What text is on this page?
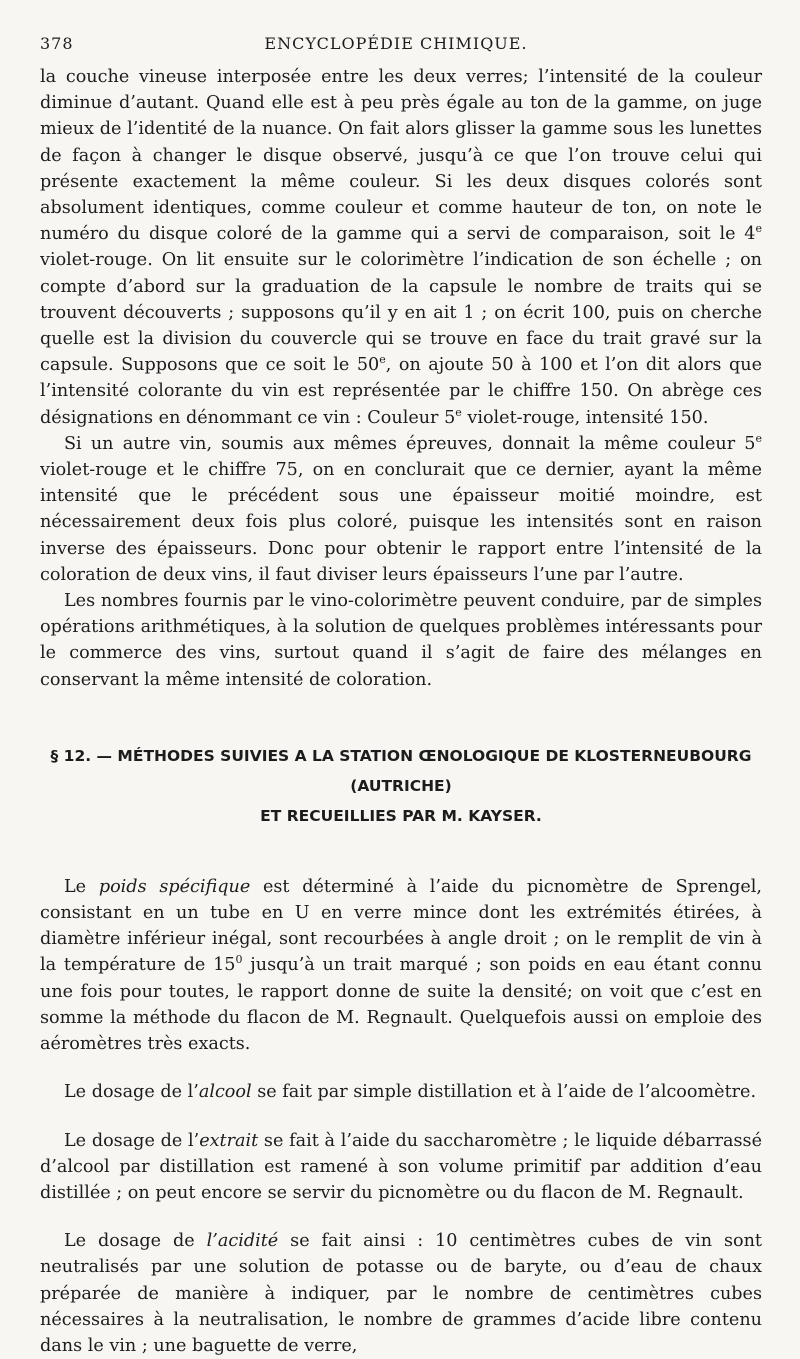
378	ENCYCLOPÉDIE CHIMIQUE.

la couche vineuse interposée entre les deux verres; l’intensité de la couleur diminue d’autant. Quand elle est à peu près égale au ton de la gamme, on juge mieux de l’identité de la nuance. On fait alors glisser la gamme sous les lunettes de façon à changer le disque observé, jusqu’à ce que l’on trouve celui qui présente exactement la même couleur. Si les deux disques colorés sont absolument identiques, comme couleur et comme hauteur de ton, on note le numéro du disque coloré de la gamme qui a servi de comparaison, soit le 4e violet-rouge. On lit ensuite sur le colorimètre l’indication de son échelle ; on compte d’abord sur la graduation de la capsule le nombre de traits qui se trouvent découverts ; supposons qu’il y en ait 1 ; on écrit 100, puis on cherche quelle est la division du couvercle qui se trouve en face du trait gravé sur la capsule. Supposons que ce soit le 50e, on ajoute 50 à 100 et l’on dit alors que l’intensité colorante du vin est représentée par le chiffre 150. On abrège ces désignations en dénommant ce vin : Couleur 5e violet-rouge, intensité 150.

Si un autre vin, soumis aux mêmes épreuves, donnait la même couleur 5e violet-rouge et le chiffre 75, on en conclurait que ce dernier, ayant la même intensité que le précédent sous une épaisseur moitié moindre, est nécessairement deux fois plus coloré, puisque les intensités sont en raison inverse des épaisseurs. Donc pour obtenir le rapport entre l’intensité de la coloration de deux vins, il faut diviser leurs épaisseurs l’une par l’autre.

Les nombres fournis par le vino-colorimètre peuvent conduire, par de simples opérations arithmétiques, à la solution de quelques problèmes intéressants pour le commerce des vins, surtout quand il s’agit de faire des mélanges en conservant la même intensité de coloration.

§ 12. — MÉTHODES SUIVIES A LA STATION ŒNOLOGIQUE DE KLOSTERNEUBOURG (AUTRICHE)
ET RECUEILLIES PAR M. KAYSER.

Le poids spécifique est déterminé à l’aide du picnomètre de Sprengel, consistant en un tube en U en verre mince dont les extrémités étirées, à diamètre inférieur inégal, sont recourbées à angle droit ; on le remplit de vin à la température de $15^0$ jusqu’à un trait marqué ; son poids en eau étant connu une fois pour toutes, le rapport donne de suite la densité; on voit que c’est en somme la méthode du flacon de M. Regnault. Quelquefois aussi on emploie des aéromètres très exacts.

Le dosage de l’alcool se fait par simple distillation et à l’aide de l’alcoomètre.

Le dosage de l’extrait se fait à l’aide du saccharomètre ; le liquide débarrassé d’alcool par distillation est ramené à son volume primitif par addition d’eau distillée ; on peut encore se servir du picnomètre ou du flacon de M. Regnault.

Le dosage de l’acidité se fait ainsi : 10 centimètres cubes de vin sont neutralisés par une solution de potasse ou de baryte, ou d’eau de chaux préparée de manière à indiquer, par le nombre de centimètres cubes nécessaires à la neutralisation, le nombre de grammes d’acide libre contenu dans le vin ; une baguette de verre,
